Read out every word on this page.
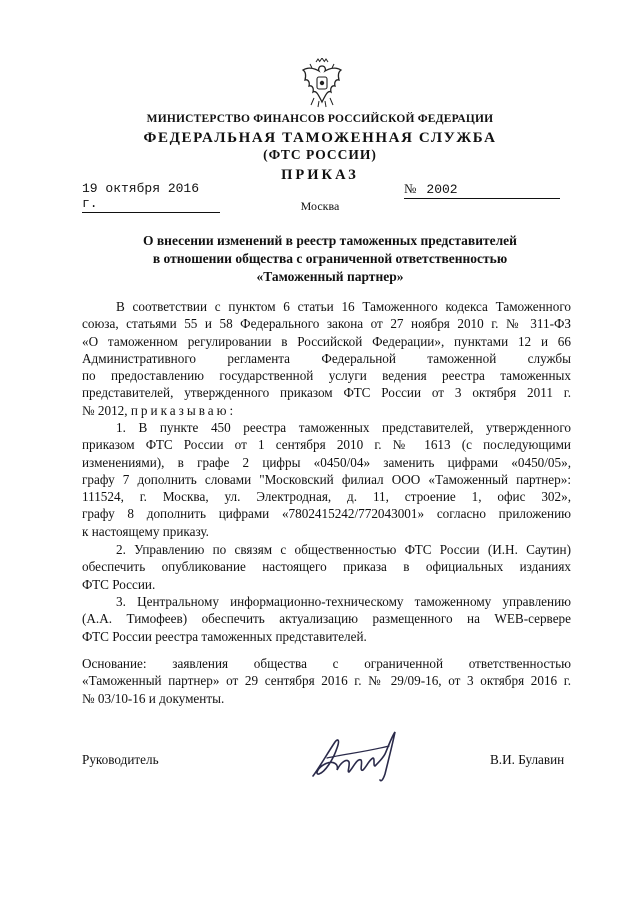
МИНИСТЕРСТВО ФИНАНСОВ РОССИЙСКОЙ ФЕДЕРАЦИИ
ФЕДЕРАЛЬНАЯ ТАМОЖЕННАЯ СЛУЖБА
(ФТС РОССИИ)
ПРИКАЗ
19 октября 2016 г.
№ 2002
Москва
О внесении изменений в реестр таможенных представителей
в отношении общества с ограниченной ответственностью
«Таможенный партнер»
В соответствии с пунктом 6 статьи 16 Таможенного кодекса Таможенного
союза, статьями 55 и 58 Федерального закона от 27 ноября 2010 г. № 311-ФЗ
«О таможенном регулировании в Российской Федерации», пунктами 12 и 66
Административного регламента Федеральной таможенной службы
по предоставлению государственной услуги ведения реестра таможенных
представителей, утвержденного приказом ФТС России от 3 октября 2011 г.
№ 2012, приказываю:
1. В пункте 450 реестра таможенных представителей, утвержденного
приказом ФТС России от 1 сентября 2010 г. № 1613 (с последующими
изменениями), в графе 2 цифры «0450/04» заменить цифрами «0450/05»,
графу 7 дополнить словами "Московский филиал ООО «Таможенный партнер»:
111524, г. Москва, ул. Электродная, д. 11, строение 1, офис 302»,
графу 8 дополнить цифрами «7802415242/772043001» согласно приложению
к настоящему приказу.
2. Управлению по связям с общественностью ФТС России (И.Н. Саутин)
обеспечить опубликование настоящего приказа в официальных изданиях
ФТС России.
3. Центральному информационно-техническому таможенному управлению
(А.А. Тимофеев) обеспечить актуализацию размещенного на WEB-сервере
ФТС России реестра таможенных представителей.
Основание: заявления общества с ограниченной ответственностью
«Таможенный партнер» от 29 сентября 2016 г. № 29/09-16, от 3 октября 2016 г.
№ 03/10-16 и документы.
Руководитель	В.И. Булавин
